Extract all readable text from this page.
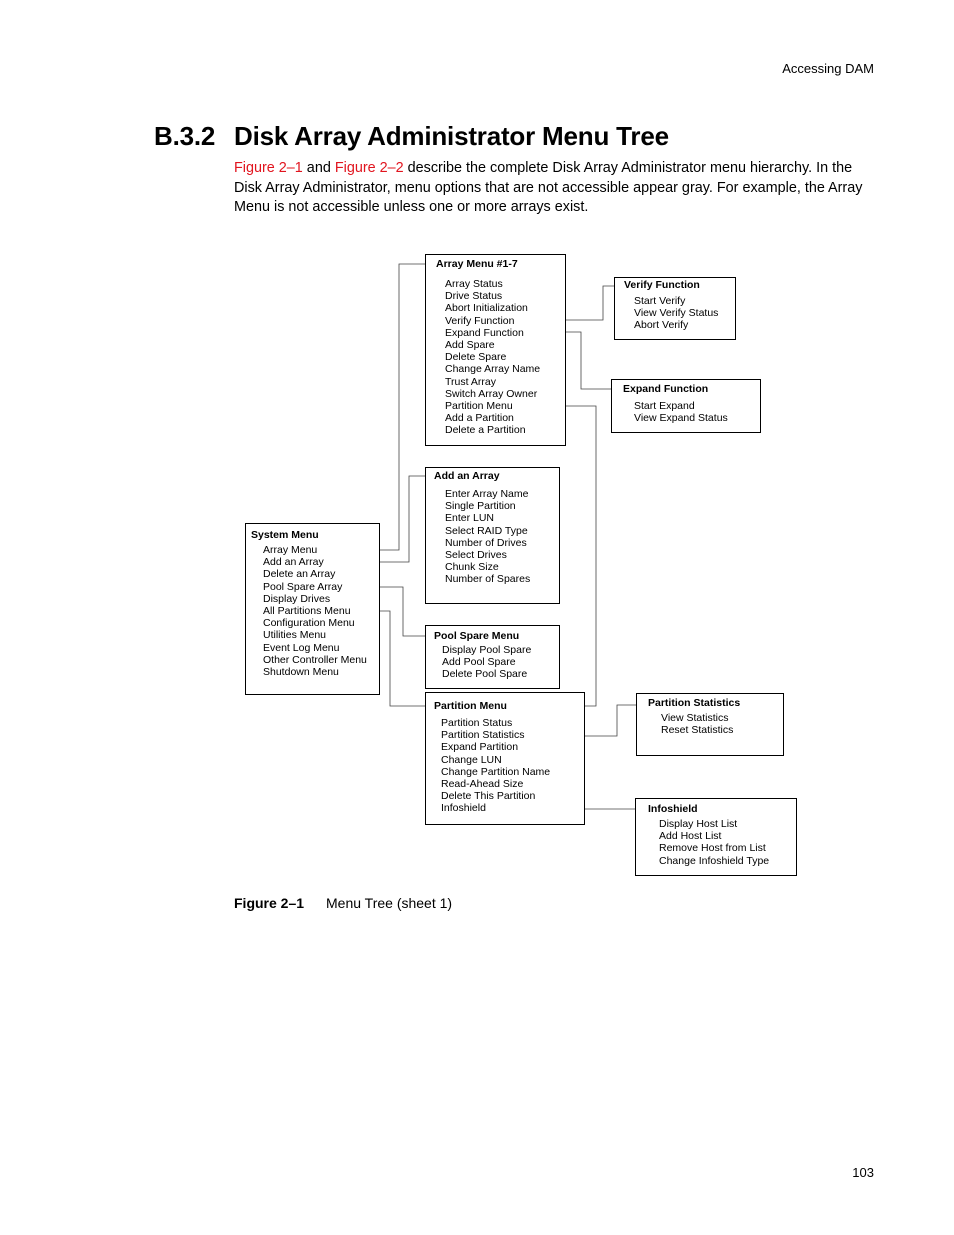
Accessing DAM
B.3.2 Disk Array Administrator Menu Tree

Figure 2–1 and Figure 2–2 describe the complete Disk Array Administrator menu hierarchy. In the Disk Array Administrator, menu options that are not accessible appear gray. For example, the Array Menu is not accessible unless one or more arrays exist.

Array Menu #1-7
Array Status
Drive Status
Abort Initialization
Verify Function
Expand Function
Add Spare
Delete Spare
Change Array Name
Trust Array
Switch Array Owner
Partition Menu
Add a Partition
Delete a Partition
Verify Function
Start Verify
View Verify Status
Abort Verify
Expand Function
Start Expand
View Expand Status
Add an Array
Enter Array Name
Single Partition
Enter LUN
Select RAID Type
Number of Drives
Select Drives
Chunk Size
Number of Spares
System Menu
Array Menu
Add an Array
Delete an Array
Pool Spare Array
Display Drives
All Partitions Menu
Configuration Menu
Utilities Menu
Event Log Menu
Other Controller Menu
Shutdown Menu
Pool Spare Menu
Display Pool Spare
Add Pool Spare
Delete Pool Spare
Partition Menu
Partition Status
Partition Statistics
Expand Partition
Change LUN
Change Partition Name
Read-Ahead Size
Delete This Partition
Infoshield
Partition Statistics
View Statistics
Reset Statistics
Infoshield
Display Host List
Add Host List
Remove Host from List
Change Infoshield Type
Figure 2–1 Menu Tree (sheet 1)
103
